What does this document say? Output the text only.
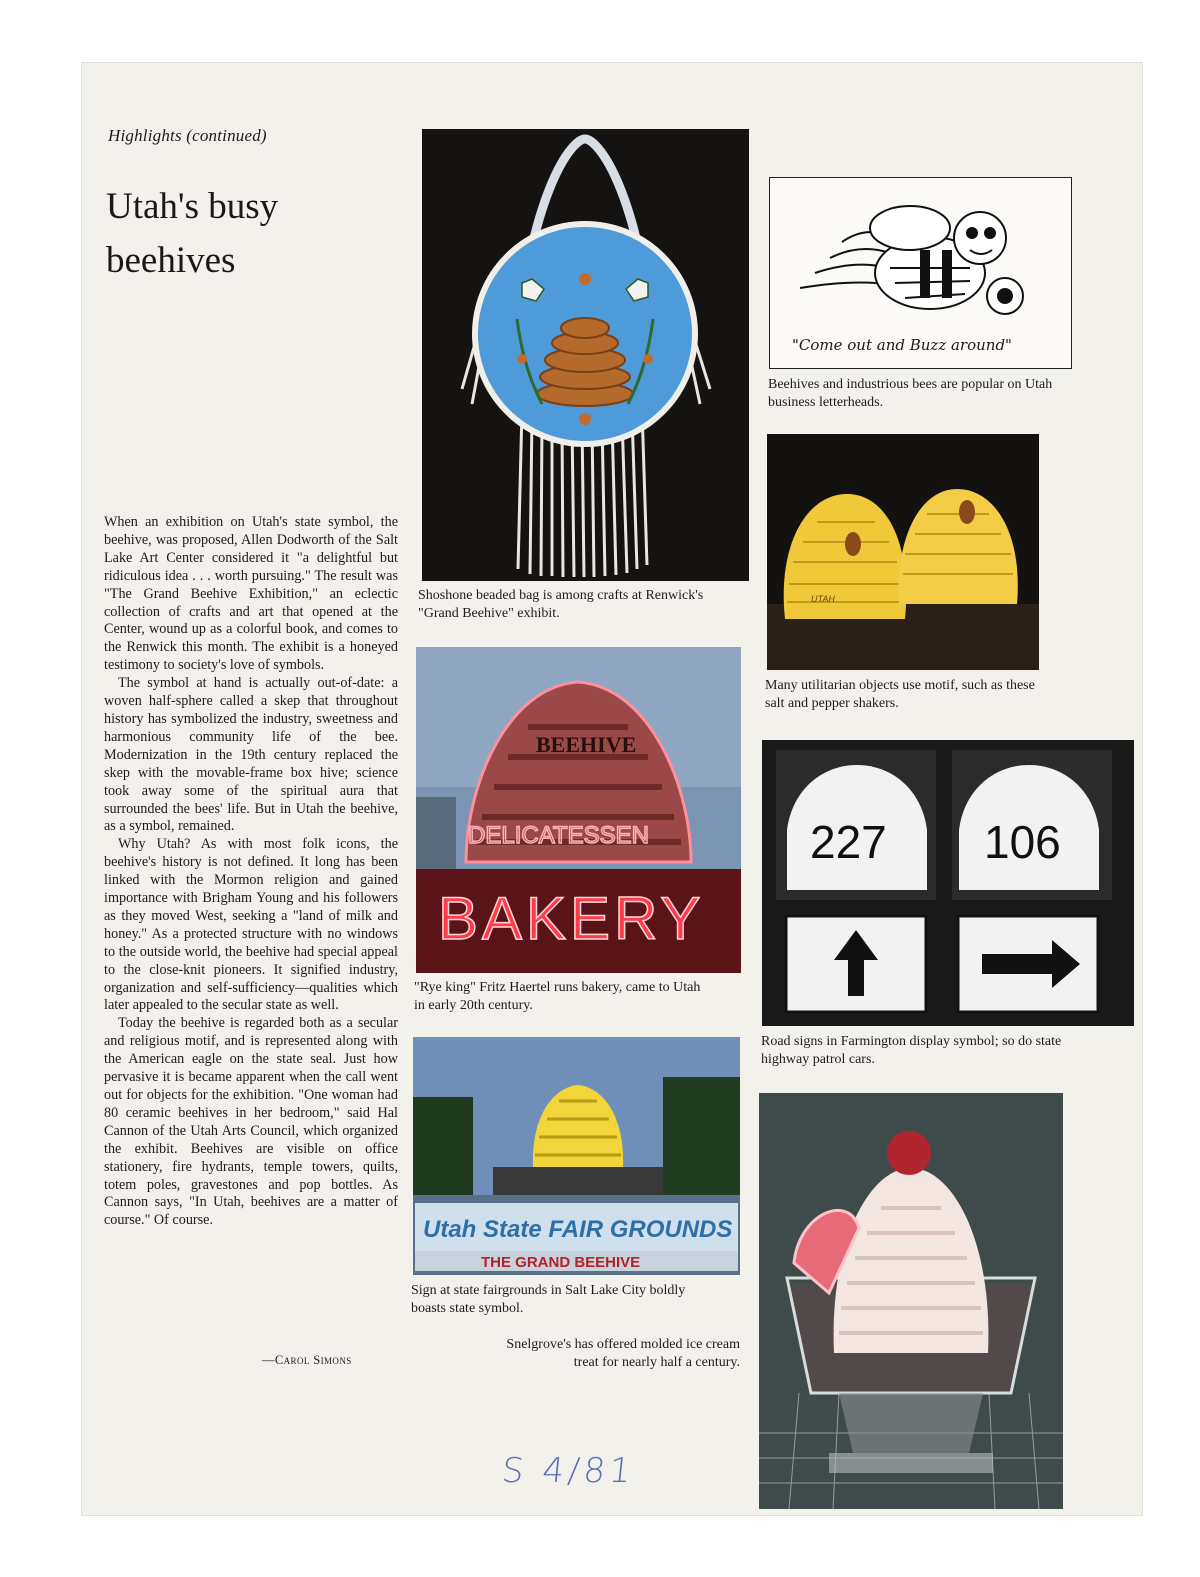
Highlights (continued)
Utah's busy
beehives

When an exhibition on Utah's state symbol, the beehive, was proposed, Allen Dodworth of the Salt Lake Art Center considered it "a delightful but ridiculous idea . . . worth pursuing." The result was "The Grand Beehive Exhibition," an eclectic collection of crafts and art that opened at the Center, wound up as a colorful book, and comes to the Renwick this month. The exhibit is a honeyed testimony to society's love of symbols.

The symbol at hand is actually out-of-date: a woven half-sphere called a skep that throughout history has symbolized the industry, sweetness and harmonious community life of the bee. Modernization in the 19th century replaced the skep with the movable-frame box hive; science took away some of the spiritual aura that surrounded the bees' life. But in Utah the beehive, as a symbol, remained.

Why Utah? As with most folk icons, the beehive's history is not defined. It long has been linked with the Mormon religion and gained importance with Brigham Young and his followers as they moved West, seeking a "land of milk and honey." As a protected structure with no windows to the outside world, the beehive had special appeal to the close-knit pioneers. It signified industry, organization and self-sufficiency—qualities which later appealed to the secular state as well.

Today the beehive is regarded both as a secular and religious motif, and is represented along with the American eagle on the state seal. Just how pervasive it is became apparent when the call went out for objects for the exhibition. "One woman had 80 ceramic beehives in her bedroom," said Hal Cannon of the Utah Arts Council, which organized the exhibit. Beehives are visible on office stationery, fire hydrants, temple towers, quilts, totem poles, gravestones and pop bottles. As Cannon says, "In Utah, beehives are a matter of course." Of course.

—Carol Simons
Shoshone beaded bag is among crafts at Renwick's "Grand Beehive" exhibit.
"Come out and Buzz around"
Beehives and industrious bees are popular on Utah business letterheads.
UTAH
Many utilitarian objects use motif, such as these salt and pepper shakers.
BEEHIVE
DELICATESSEN
BAKERY
"Rye king" Fritz Haertel runs bakery, came to Utah in early 20th century.
227 106
Road signs in Farmington display symbol; so do state highway patrol cars.
Utah State FAIR GROUNDS
THE GRAND BEEHIVE
Sign at state fairgrounds in Salt Lake City boldly boasts state symbol.
Snelgrove's has offered molded ice cream treat for nearly half a century.
S 4/81
